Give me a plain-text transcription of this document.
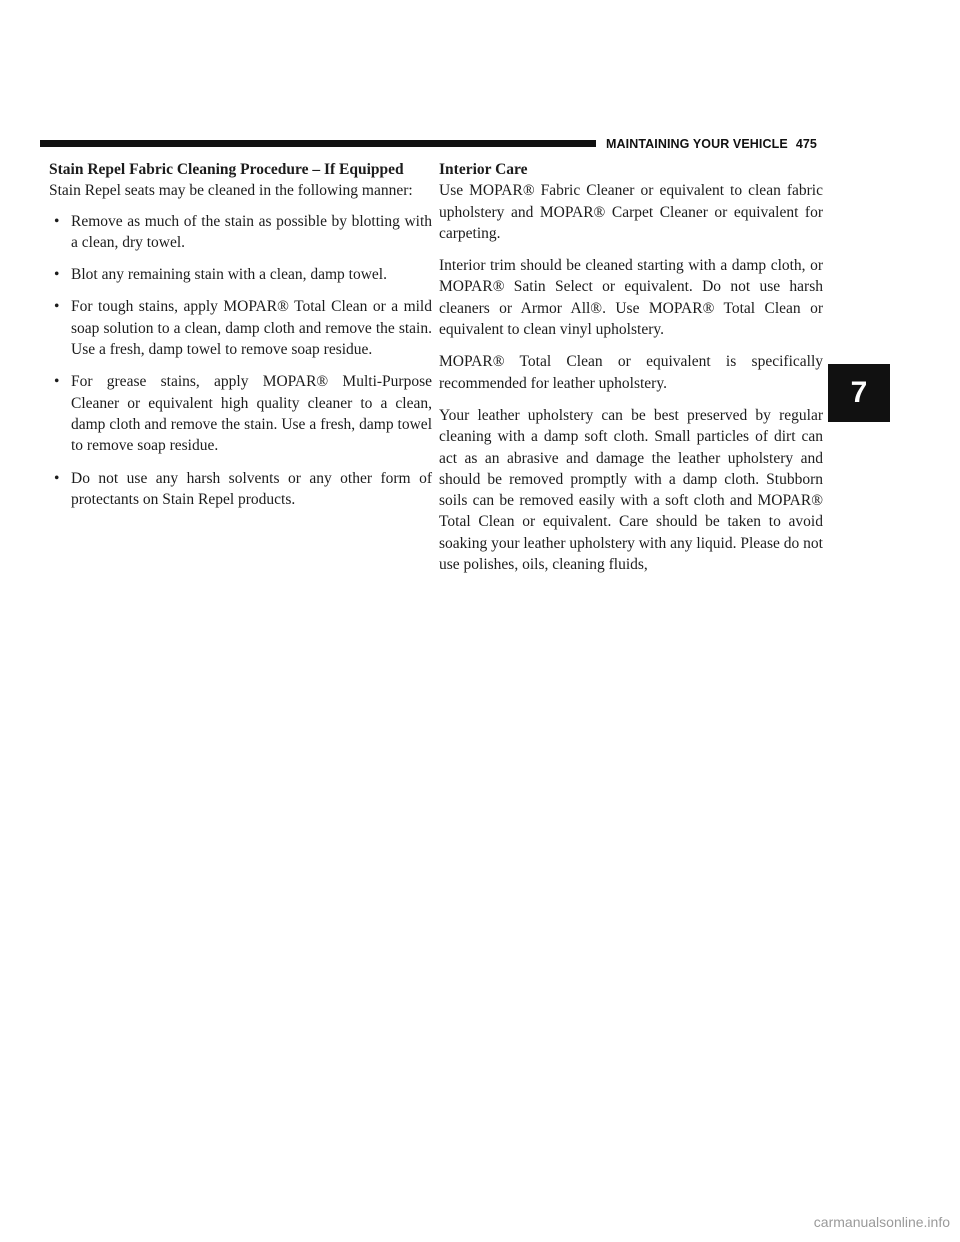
MAINTAINING YOUR VEHICLE 475
7
Stain Repel Fabric Cleaning Procedure – If Equipped

Stain Repel seats may be cleaned in the following manner:

• Remove as much of the stain as possible by blotting with a clean, dry towel.
• Blot any remaining stain with a clean, damp towel.
• For tough stains, apply MOPAR® Total Clean or a mild soap solution to a clean, damp cloth and remove the stain. Use a fresh, damp towel to remove soap residue.
• For grease stains, apply MOPAR® Multi-Purpose Cleaner or equivalent high quality cleaner to a clean, damp cloth and remove the stain. Use a fresh, damp towel to remove soap residue.
• Do not use any harsh solvents or any other form of protectants on Stain Repel products.
Interior Care

Use MOPAR® Fabric Cleaner or equivalent to clean fabric upholstery and MOPAR® Carpet Cleaner or equivalent for carpeting.

Interior trim should be cleaned starting with a damp cloth, or MOPAR® Satin Select or equivalent. Do not use harsh cleaners or Armor All®. Use MOPAR® Total Clean or equivalent to clean vinyl upholstery.

MOPAR® Total Clean or equivalent is specifically recommended for leather upholstery.

Your leather upholstery can be best preserved by regular cleaning with a damp soft cloth. Small particles of dirt can act as an abrasive and damage the leather upholstery and should be removed promptly with a damp cloth. Stubborn soils can be removed easily with a soft cloth and MOPAR® Total Clean or equivalent. Care should be taken to avoid soaking your leather upholstery with any liquid. Please do not use polishes, oils, cleaning fluids,

carmanualsonline.info
